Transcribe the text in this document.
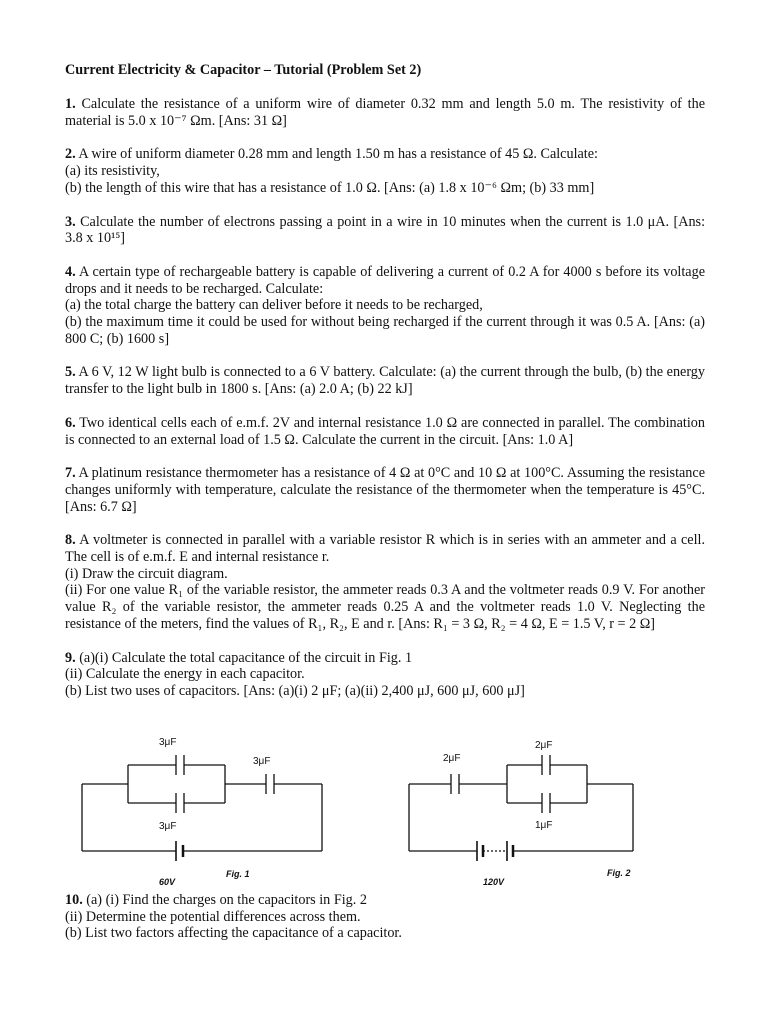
Current Electricity & Capacitor – Tutorial (Problem Set 2)

1. Calculate the resistance of a uniform wire of diameter 0.32 mm and length 5.0 m. The resistivity of the material is 5.0 x 10⁻⁷ Ωm. [Ans: 31 Ω]

2. A wire of uniform diameter 0.28 mm and length 1.50 m has a resistance of 45 Ω. Calculate:

(a) its resistivity,

(b) the length of this wire that has a resistance of 1.0 Ω. [Ans: (a) 1.8 x 10⁻⁶ Ωm; (b) 33 mm]

3. Calculate the number of electrons passing a point in a wire in 10 minutes when the current is 1.0 μA. [Ans: 3.8 x 10¹⁵]

4. A certain type of rechargeable battery is capable of delivering a current of 0.2 A for 4000 s before its voltage drops and it needs to be recharged. Calculate:

(a) the total charge the battery can deliver before it needs to be recharged,

(b) the maximum time it could be used for without being recharged if the current through it was 0.5 A. [Ans: (a) 800 C; (b) 1600 s]

5. A 6 V, 12 W light bulb is connected to a 6 V battery. Calculate: (a) the current through the bulb, (b) the energy transfer to the light bulb in 1800 s. [Ans: (a) 2.0 A; (b) 22 kJ]

6. Two identical cells each of e.m.f. 2V and internal resistance 1.0 Ω are connected in parallel. The combination is connected to an external load of 1.5 Ω. Calculate the current in the circuit. [Ans: 1.0 A]

7. A platinum resistance thermometer has a resistance of 4 Ω at 0°C and 10 Ω at 100°C. Assuming the resistance changes uniformly with temperature, calculate the resistance of the thermometer when the temperature is 45°C. [Ans: 6.7 Ω]

8. A voltmeter is connected in parallel with a variable resistor R which is in series with an ammeter and a cell. The cell is of e.m.f. E and internal resistance r.

(i) Draw the circuit diagram.

(ii) For one value R₁ of the variable resistor, the ammeter reads 0.3 A and the voltmeter reads 0.9 V. For another value R₂ of the variable resistor, the ammeter reads 0.25 A and the voltmeter reads 1.0 V. Neglecting the resistance of the meters, find the values of R₁, R₂, E and r. [Ans: R₁ = 3 Ω, R₂ = 4 Ω, E = 1.5 V, r = 2 Ω]

9. (a)(i) Calculate the total capacitance of the circuit in Fig. 1

(ii) Calculate the energy in each capacitor.

(b) List two uses of capacitors. [Ans: (a)(i) 2 μF; (a)(ii) 2,400 μJ, 600 μJ, 600 μJ]

3μF
3μF
3μF
60V
Fig. 1
2μF
2μF
1μF
120V
Fig. 2

10. (a) (i) Find the charges on the capacitors in Fig. 2

(ii) Determine the potential differences across them.

(b) List two factors affecting the capacitance of a capacitor.
